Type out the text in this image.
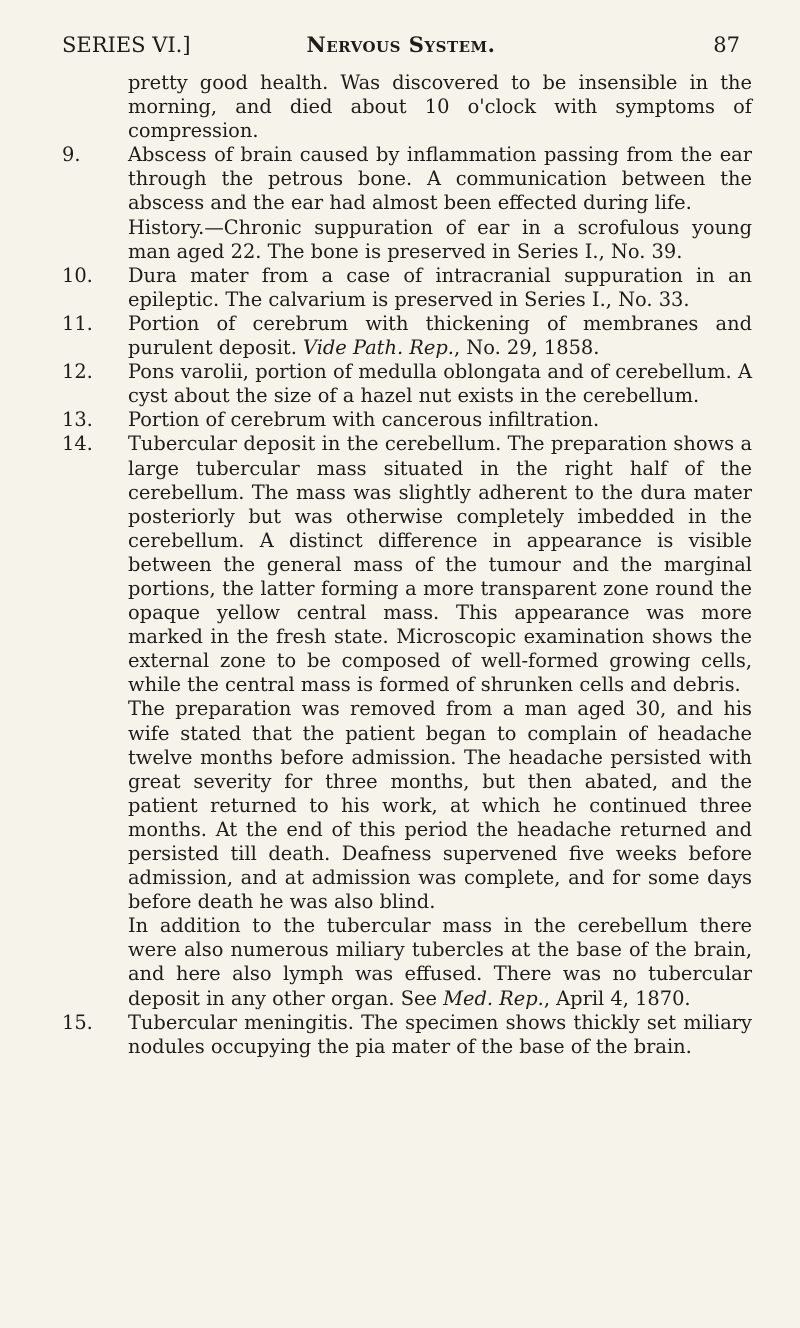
SERIES VI.]	Nervous System.	87
pretty good health. Was discovered to be insensible in the morning, and died about 10 o'clock with symptoms of compression.
9.	Abscess of brain caused by inflammation passing from the ear through the petrous bone. A communication between the abscess and the ear had almost been effected during life.
History.—Chronic suppuration of ear in a scrofulous young man aged 22. The bone is preserved in Series I., No. 39.
10.	Dura mater from a case of intracranial suppuration in an epileptic. The calvarium is preserved in Series I., No. 33.
11.	Portion of cerebrum with thickening of membranes and purulent deposit. Vide Path. Rep., No. 29, 1858.
12.	Pons varolii, portion of medulla oblongata and of cerebellum. A cyst about the size of a hazel nut exists in the cerebellum.
13.	Portion of cerebrum with cancerous infiltration.
14.	Tubercular deposit in the cerebellum. The preparation shows a large tubercular mass situated in the right half of the cerebellum. The mass was slightly adherent to the dura mater posteriorly but was otherwise completely imbedded in the cerebellum. A distinct difference in appearance is visible between the general mass of the tumour and the marginal portions, the latter forming a more transparent zone round the opaque yellow central mass. This appearance was more marked in the fresh state. Microscopic examination shows the external zone to be composed of well-formed growing cells, while the central mass is formed of shrunken cells and debris.
The preparation was removed from a man aged 30, and his wife stated that the patient began to complain of headache twelve months before admission. The headache persisted with great severity for three months, but then abated, and the patient returned to his work, at which he continued three months. At the end of this period the headache returned and persisted till death. Deafness supervened five weeks before admission, and at admission was complete, and for some days before death he was also blind.
In addition to the tubercular mass in the cerebellum there were also numerous miliary tubercles at the base of the brain, and here also lymph was effused. There was no tubercular deposit in any other organ. See Med. Rep., April 4, 1870.
15.	Tubercular meningitis. The specimen shows thickly set miliary nodules occupying the pia mater of the base of the brain.
